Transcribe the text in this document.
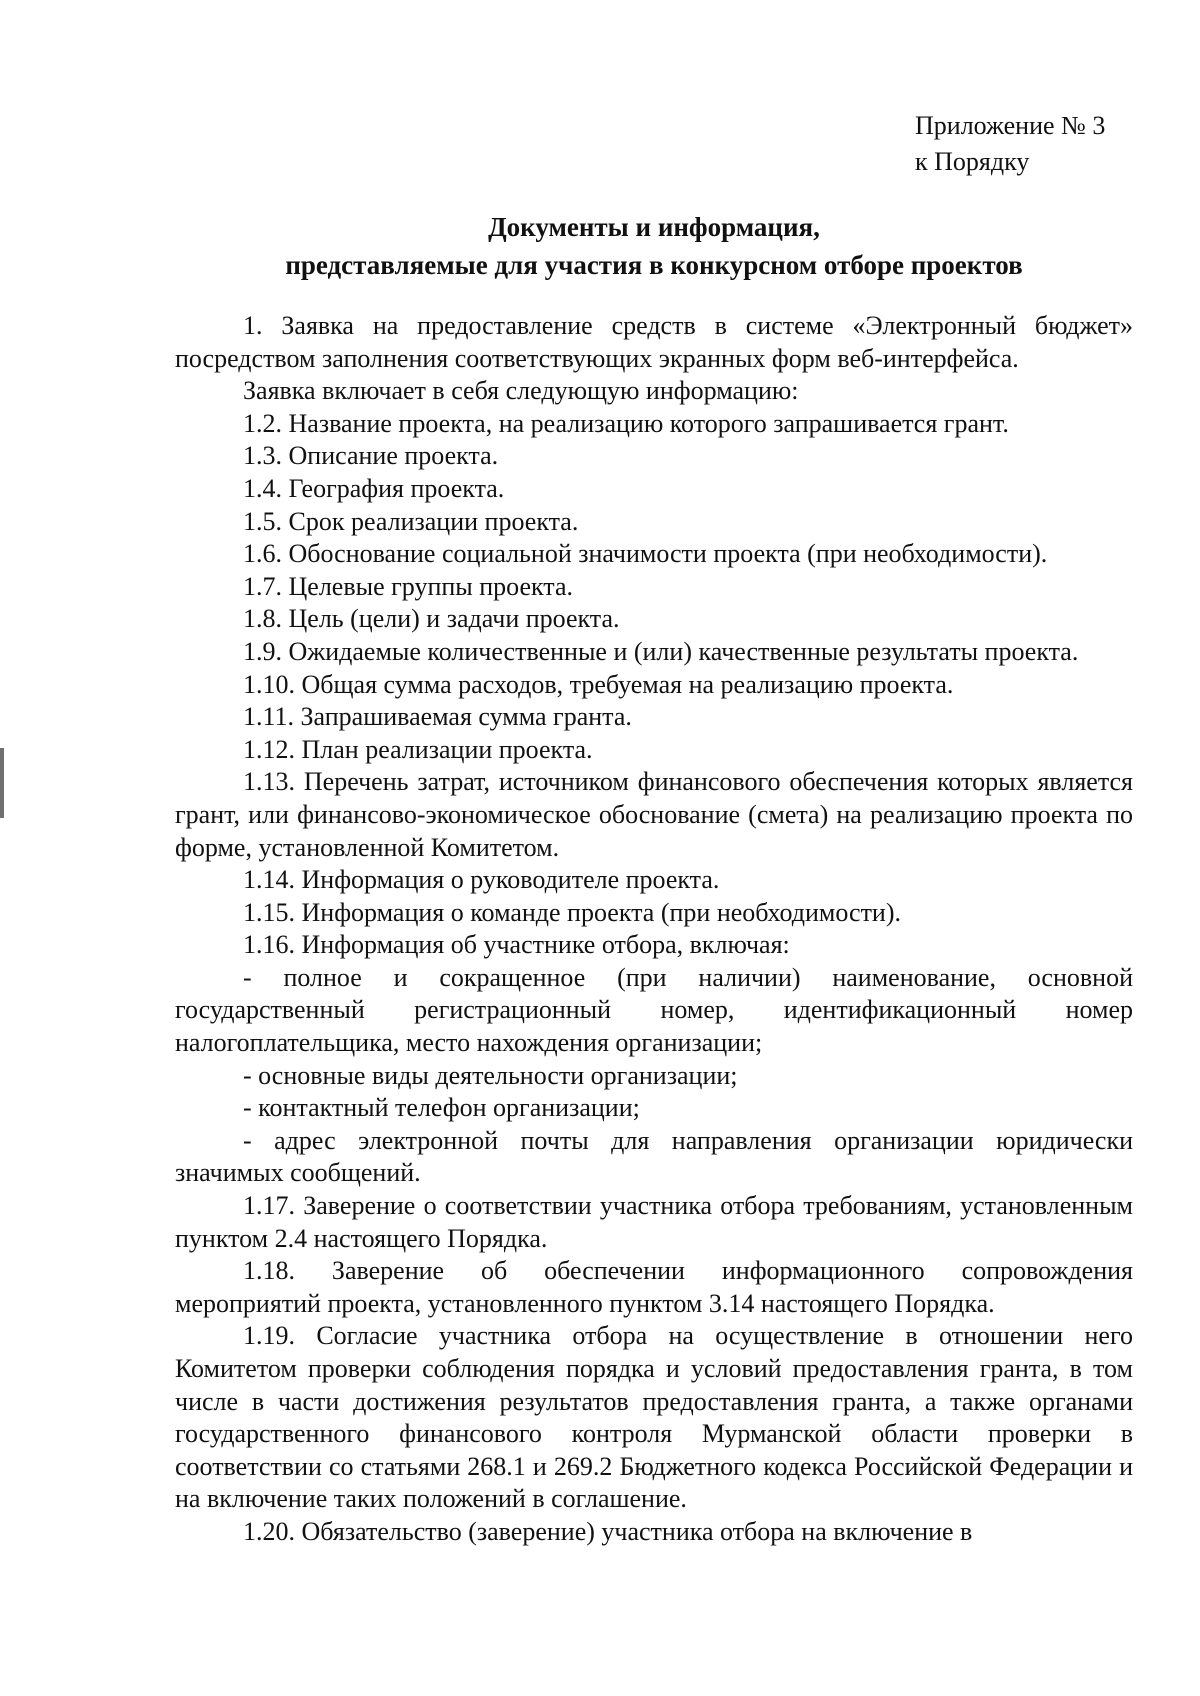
Приложение № 3
к Порядку
Документы и информация,
представляемые для участия в конкурсном отборе проектов

1. Заявка на предоставление средств в системе «Электронный бюджет» посредством заполнения соответствующих экранных форм веб-интерфейса.

Заявка включает в себя следующую информацию:

1.2. Название проекта, на реализацию которого запрашивается грант.

1.3. Описание проекта.

1.4. География проекта.

1.5. Срок реализации проекта.

1.6. Обоснование социальной значимости проекта (при необходимости).

1.7. Целевые группы проекта.

1.8. Цель (цели) и задачи проекта.

1.9. Ожидаемые количественные и (или) качественные результаты проекта.

1.10. Общая сумма расходов, требуемая на реализацию проекта.

1.11. Запрашиваемая сумма гранта.

1.12. План реализации проекта.

1.13. Перечень затрат, источником финансового обеспечения которых является грант, или финансово-экономическое обоснование (смета) на реализацию проекта по форме, установленной Комитетом.

1.14. Информация о руководителе проекта.

1.15. Информация о команде проекта (при необходимости).

1.16. Информация об участнике отбора, включая:

- полное и сокращенное (при наличии) наименование, основной государственный регистрационный номер, идентификационный номер налогоплательщика, место нахождения организации;

- основные виды деятельности организации;

- контактный телефон организации;

- адрес электронной почты для направления организации юридически значимых сообщений.

1.17. Заверение о соответствии участника отбора требованиям, установленным пунктом 2.4 настоящего Порядка.

1.18. Заверение об обеспечении информационного сопровождения мероприятий проекта, установленного пунктом 3.14 настоящего Порядка.

1.19. Согласие участника отбора на осуществление в отношении него Комитетом проверки соблюдения порядка и условий предоставления гранта, в том числе в части достижения результатов предоставления гранта, а также органами государственного финансового контроля Мурманской области проверки в соответствии со статьями 268.1 и 269.2 Бюджетного кодекса Российской Федерации и на включение таких положений в соглашение.

1.20. Обязательство (заверение) участника отбора на включение в
